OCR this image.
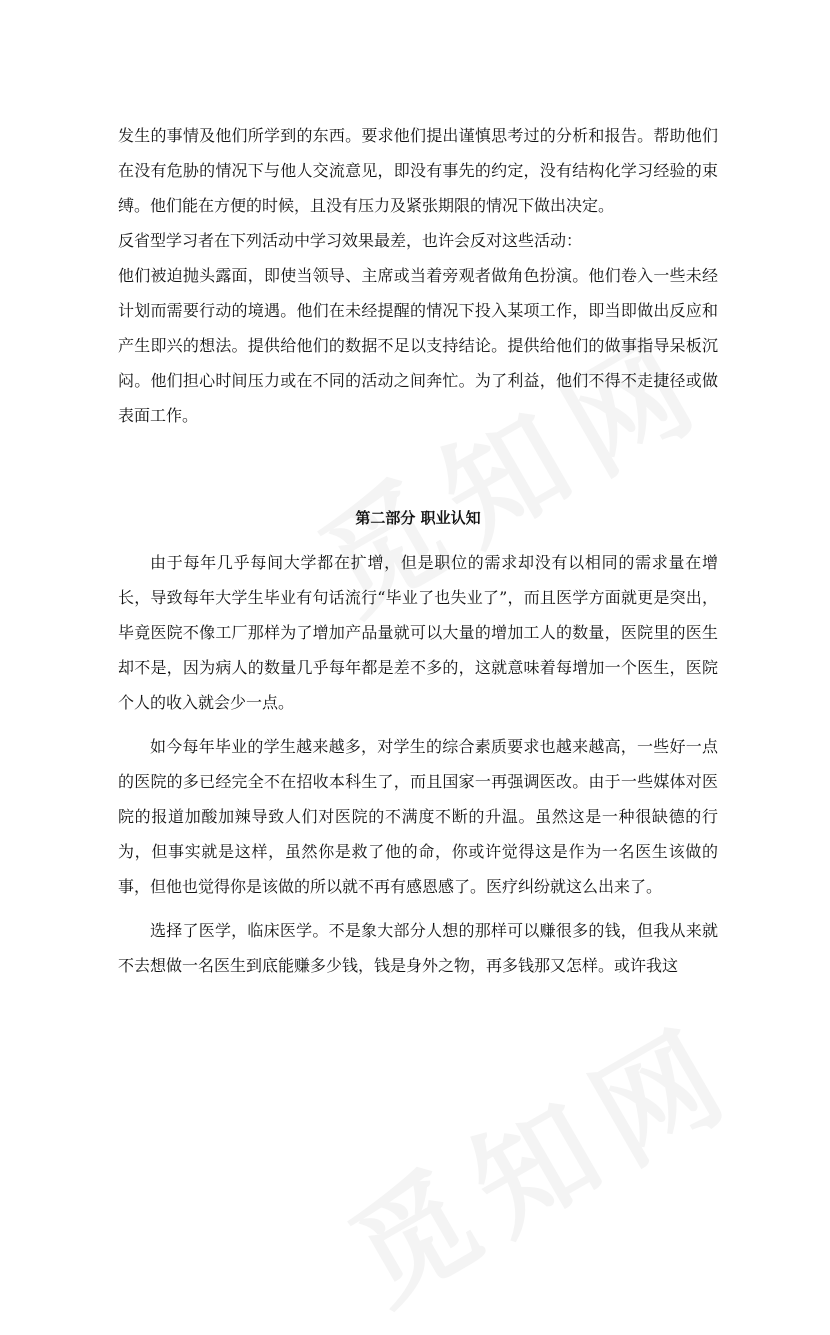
发生的事情及他们所学到的东西。要求他们提出谨慎思考过的分析和报告。帮助他们在没有危胁的情况下与他人交流意见，即没有事先的约定，没有结构化学习经验的束缚。他们能在方便的时候，且没有压力及紧张期限的情况下做出决定。

反省型学习者在下列活动中学习效果最差，也许会反对这些活动：

他们被迫抛头露面，即使当领导、主席或当着旁观者做角色扮演。他们卷入一些未经计划而需要行动的境遇。他们在未经提醒的情况下投入某项工作，即当即做出反应和产生即兴的想法。提供给他们的数据不足以支持结论。提供给他们的做事指导呆板沉闷。他们担心时间压力或在不同的活动之间奔忙。为了利益，他们不得不走捷径或做表面工作。

第二部分 职业认知

由于每年几乎每间大学都在扩增，但是职位的需求却没有以相同的需求量在增长，导致每年大学生毕业有句话流行“毕业了也失业了”，而且医学方面就更是突出，毕竟医院不像工厂那样为了增加产品量就可以大量的增加工人的数量，医院里的医生却不是，因为病人的数量几乎每年都是差不多的，这就意味着每增加一个医生，医院个人的收入就会少一点。

如今每年毕业的学生越来越多，对学生的综合素质要求也越来越高，一些好一点的医院的多已经完全不在招收本科生了，而且国家一再强调医改。由于一些媒体对医院的报道加酸加辣导致人们对医院的不满度不断的升温。虽然这是一种很缺德的行为，但事实就是这样，虽然你是救了他的命，你或许觉得这是作为一名医生该做的事，但他也觉得你是该做的所以就不再有感恩感了。医疗纠纷就这么出来了。

选择了医学，临床医学。不是象大部分人想的那样可以赚很多的钱，但我从来就不去想做一名医生到底能赚多少钱，钱是身外之物，再多钱那又怎样。或许我这
